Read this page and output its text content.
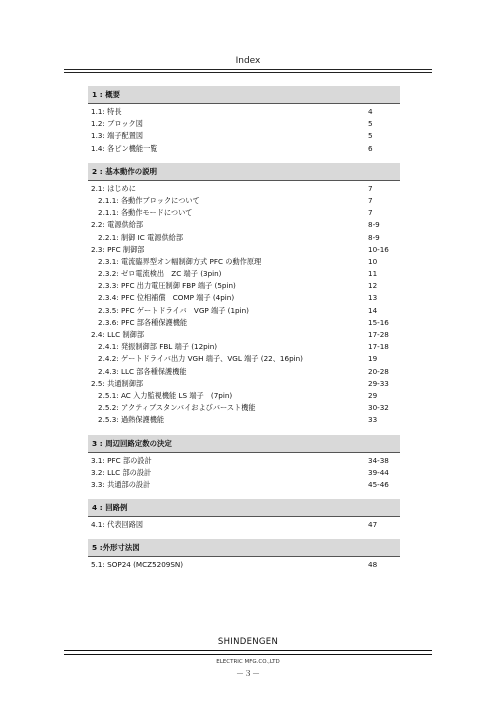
Index
1 : 概要
1.1: 特長	4
1.2: ブロック図	5
1.3: 端子配置図	5
1.4: 各ピン機能一覧	6
2 : 基本動作の説明
2.1: はじめに	7
2.1.1: 各動作ブロックについて	7
2.1.1: 各動作モードについて	7
2.2: 電源供給部	8-9
2.2.1: 制御 IC 電源供給部	8-9
2.3: PFC 制御部	10-16
2.3.1: 電流臨界型オン幅制御方式 PFC の動作原理	10
2.3.2: ゼロ電流検出　ZC 端子 (3pin)	11
2.3.3: PFC 出力電圧制御 FBP 端子 (5pin)	12
2.3.4: PFC 位相補償　COMP 端子 (4pin)	13
2.3.5: PFC ゲートドライバ　VGP 端子 (1pin)	14
2.3.6: PFC 部各種保護機能	15-16
2.4: LLC 制御部	17-28
2.4.1: 発振制御部 FBL 端子 (12pin)	17-18
2.4.2: ゲートドライバ出力 VGH 端子、VGL 端子 (22、16pin)	19
2.4.3: LLC 部各種保護機能	20-28
2.5: 共通制御部	29-33
2.5.1: AC 入力監視機能 LS 端子　(7pin)	29
2.5.2: アクティブスタンバイおよびバースト機能	30-32
2.5.3: 過熱保護機能	33
3 : 周辺回路定数の決定
3.1: PFC 部の設計	34-38
3.2: LLC 部の設計	39-44
3.3: 共通部の設計	45-46
4 : 回路例
4.1: 代表回路図	47
5 :外形寸法図
5.1: SOP24 (MCZ5209SN)	48
SHINDENGEN
ELECTRIC MFG.CO.,LTD
－３－
